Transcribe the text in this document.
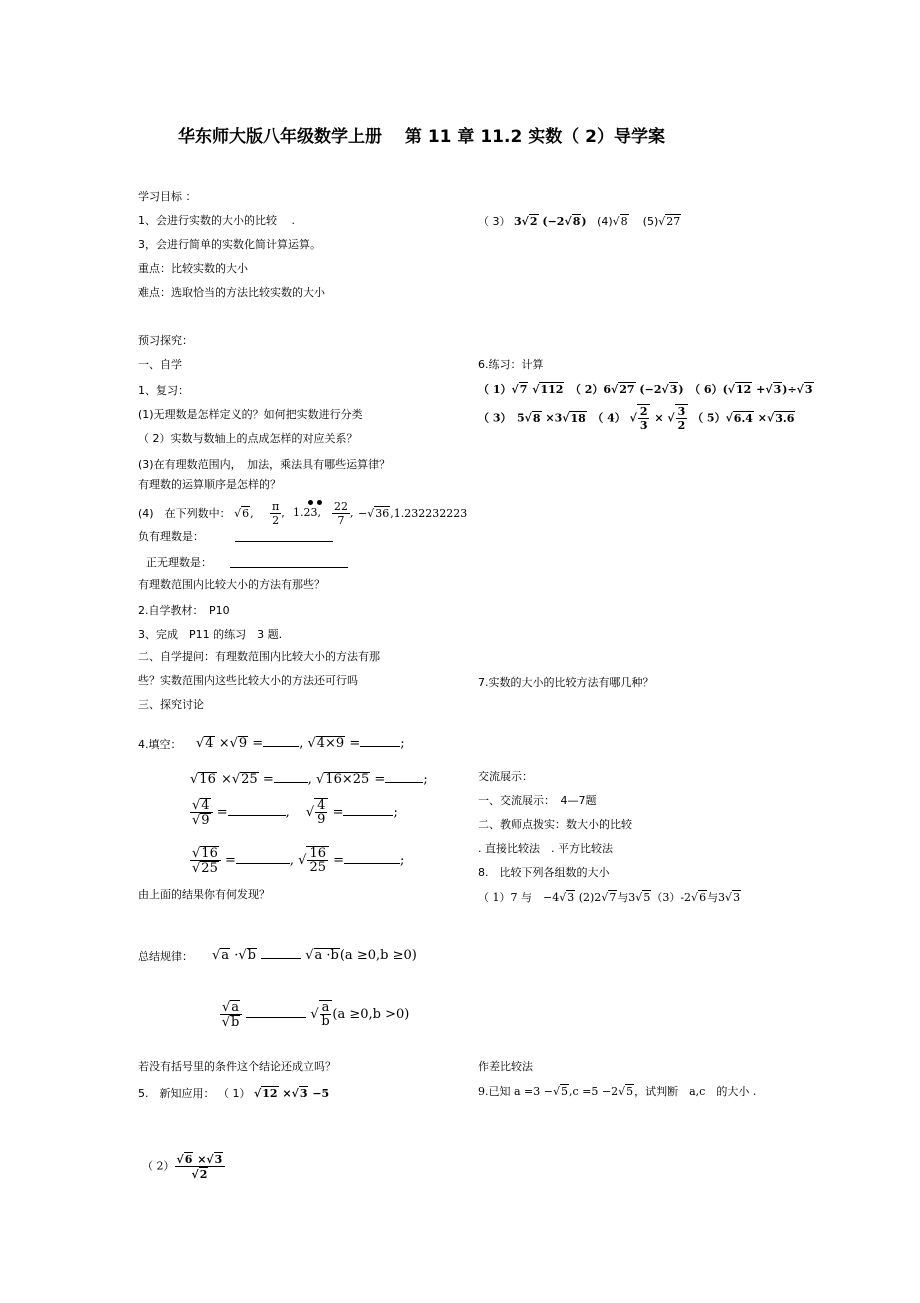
华东师大版八年级数学上册　 第 11 章 11.2 实数（ 2）导学案
学习目标 ：
1、会进行实数的大小的比较　 .
3，会进行简单的实数化简计算运算。
重点：比较实数的大小
难点：选取恰当的方法比较实数的大小
预习探究：
一、自学
1、复习：
(1)无理数是怎样定义的？如何把实数进行分类
（ 2）实数与数轴上的点成怎样的对应关系？
(3)在有理数范围内，　加法，乘法具有哪些运算律？
有理数的运算顺序是怎样的？
(4)　在下列数中： √6, $\frac{\pi}{2}$ , 1.23, $\frac{22}{7}$ , −√36,1.232232223
负有理数是：
正无理数是：
有理数范围内比较大小的方法有那些？
2.自学教材：　P10
3、完成　P11 的练习　3 题.
二、自学提问：有理数范围内比较大小的方法有那
些？实数范围内这些比较大小的方法还可行吗
三、探究讨论
4.填空： √4 ×√9 =	, √4×9 =	;
√16 ×√25 =	, √16×25 =	;
$\frac{√4}{√9}$ =	, √ $\frac{4}{9}$ =	;
$\frac{√16}{√25}$ =	, √ $\frac{16}{25}$ =	;
由上面的结果你有何发现？
总结规律： √a ·√b	√a ·b(a ≥0,b ≥0)
$\frac{√a}{√b}$	√ $\frac{a}{b} (a \ge 0,b >0)$
若没有括号里的条件这个结论还成立吗？
5.　新知应用： （ 1） √12 ×√3 −5
（ $2) \frac{√6 \times√3}{√2}$
（ 3） 3√2 (−2√8) (4)√8 (5)√27
6.练习：计算
（ 1）√7 √112　（ 2）6√27 (−2√3)　（ 6）(√12 +√3)÷√3
（ 3）　5√8 ×3√18　（ 4） √ $\frac{2}{3}$ × √ $\frac{3}{2}$ （ 5）√6.4 ×√3.6
7.实数的大小的比较方法有哪几种？
交流展示：
一、交流展示：　4—7题
二、教师点拨实：数大小的比较
. 直接比较法　. 平方比较法
8.　比较下列各组数的大小
（ 1）7 与　−4√3 (2)2√7与3√5（3）-2√6与3√3
作差比较法
9.已知 a =3 −√5,c =5 −2√5，试判断　a,c　的大小 .
